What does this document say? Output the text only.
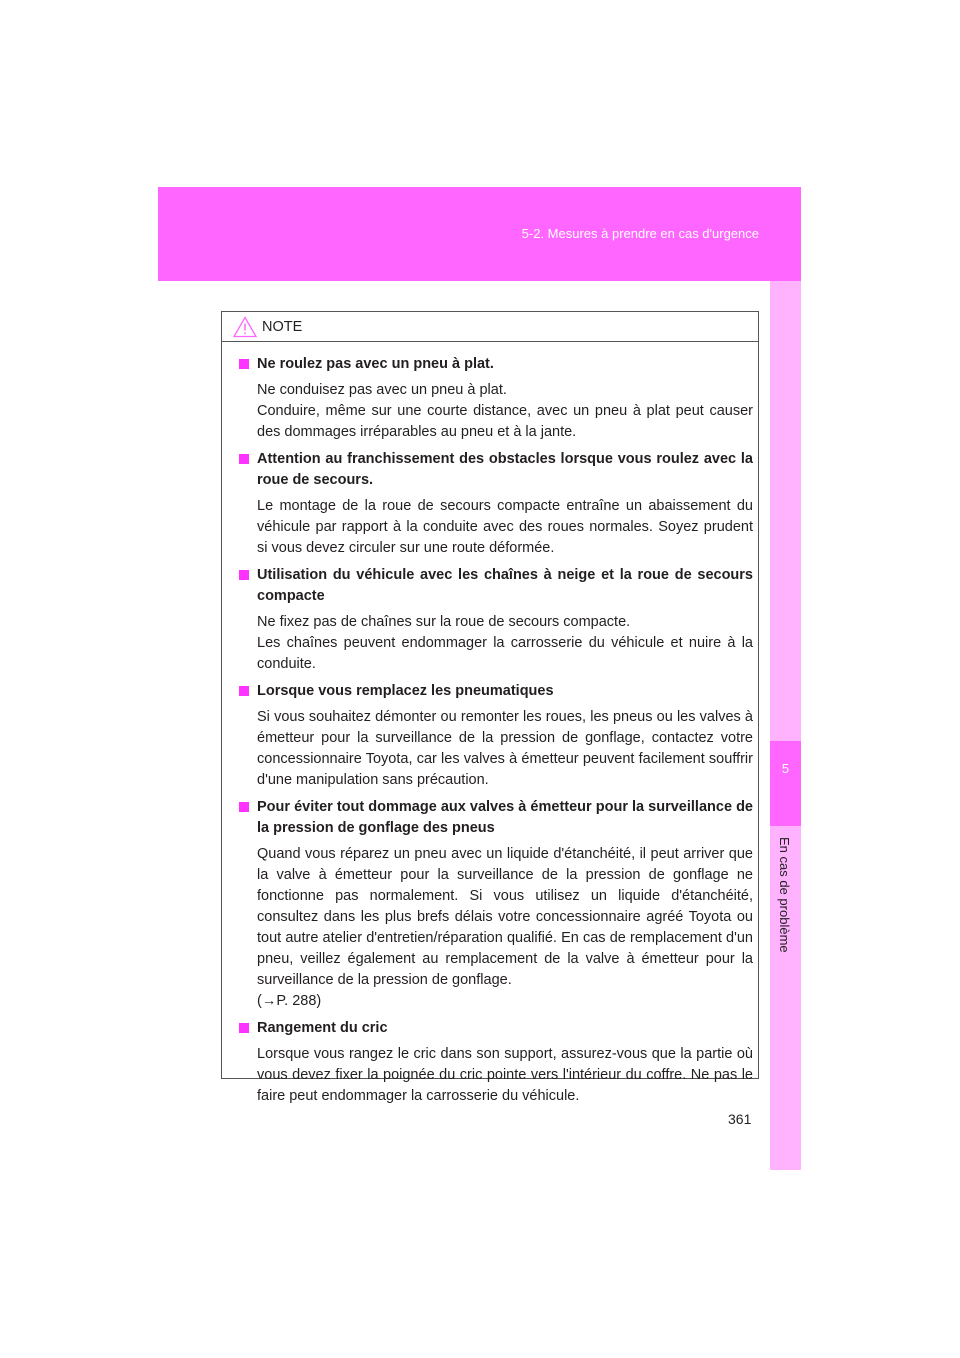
5-2. Mesures à prendre en cas d'urgence
5
En cas de problème
NOTE
Ne roulez pas avec un pneu à plat.
Ne conduisez pas avec un pneu à plat.
Conduire, même sur une courte distance, avec un pneu à plat peut causer des dommages irréparables au pneu et à la jante.
Attention au franchissement des obstacles lorsque vous roulez avec la roue de secours.
Le montage de la roue de secours compacte entraîne un abaissement du véhicule par rapport à la conduite avec des roues normales. Soyez prudent si vous devez circuler sur une route déformée.
Utilisation du véhicule avec les chaînes à neige et la roue de secours compacte
Ne fixez pas de chaînes sur la roue de secours compacte.
Les chaînes peuvent endommager la carrosserie du véhicule et nuire à la conduite.
Lorsque vous remplacez les pneumatiques
Si vous souhaitez démonter ou remonter les roues, les pneus ou les valves à émetteur pour la surveillance de la pression de gonflage, contactez votre concessionnaire Toyota, car les valves à émetteur peuvent facilement souffrir d'une manipulation sans précaution.
Pour éviter tout dommage aux valves à émetteur pour la surveillance de la pression de gonflage des pneus
Quand vous réparez un pneu avec un liquide d'étanchéité, il peut arriver que la valve à émetteur pour la surveillance de la pression de gonflage ne fonctionne pas normalement. Si vous utilisez un liquide d'étanchéité, consultez dans les plus brefs délais votre concessionnaire agréé Toyota ou tout autre atelier d'entretien/réparation qualifié. En cas de remplacement d'un pneu, veillez également au remplacement de la valve à émetteur pour la surveillance de la pression de gonflage.
(→P. 288)
Rangement du cric
Lorsque vous rangez le cric dans son support, assurez-vous que la partie où vous devez fixer la poignée du cric pointe vers l'intérieur du coffre. Ne pas le faire peut endommager la carrosserie du véhicule.
361
